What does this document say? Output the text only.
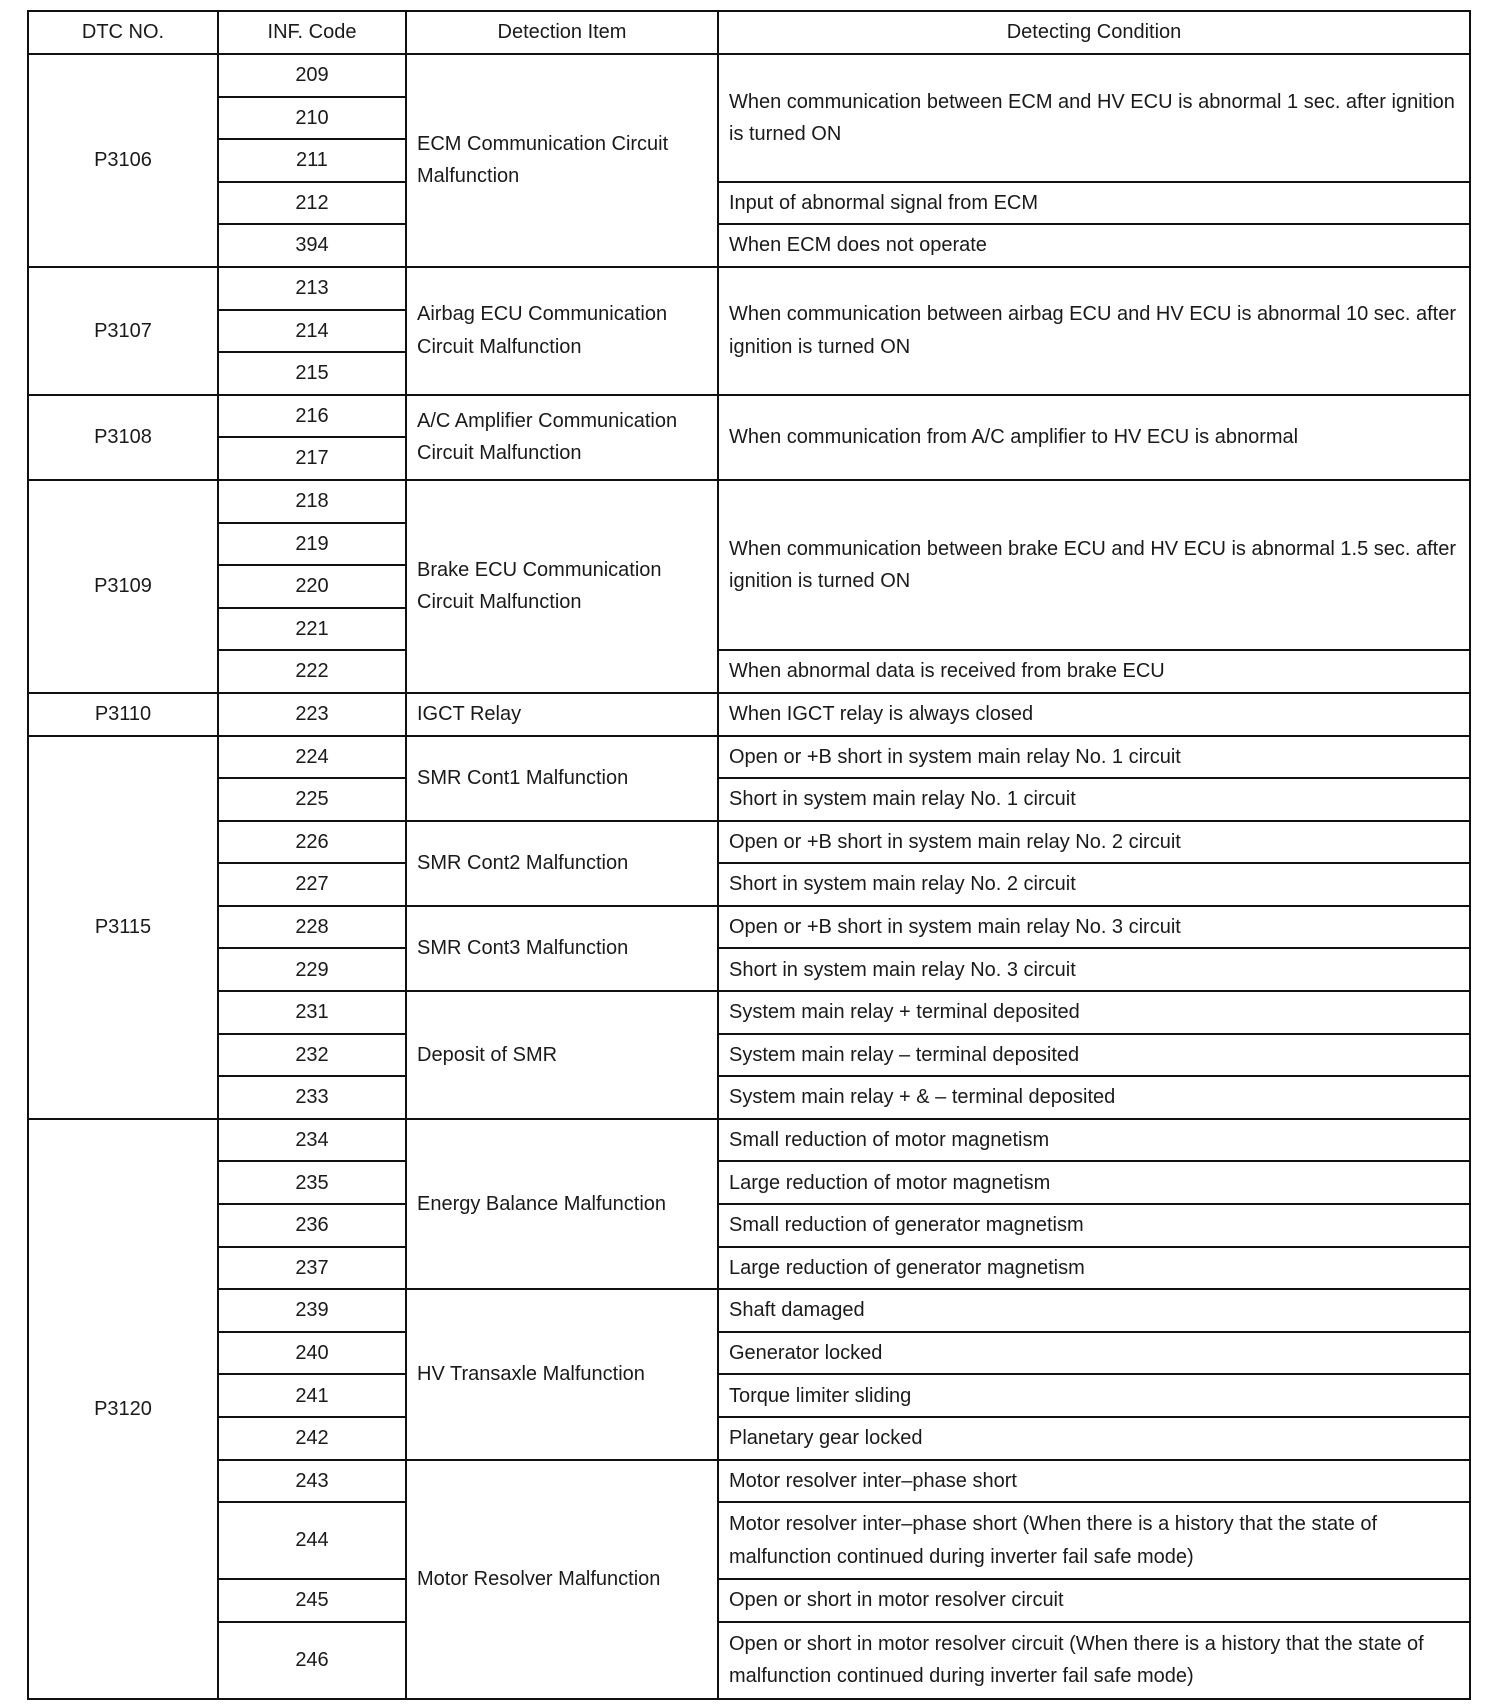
DTC NO.	INF. Code	Detection Item	Detecting Condition
P3106	209	ECM Communication Circuit Malfunction	When communication between ECM and HV ECU is abnormal 1 sec. after ignition is turned ON
	210		
	211		
	212		Input of abnormal signal from ECM
	394		When ECM does not operate
P3107	213	Airbag ECU Communication Circuit Malfunction	When communication between airbag ECU and HV ECU is abnormal 10 sec. after ignition is turned ON
	214		
	215		
P3108	216	A/C Amplifier Communication Circuit Malfunction	When communication from A/C amplifier to HV ECU is abnormal
	217		
P3109	218	Brake ECU Communication Circuit Malfunction	When communication between brake ECU and HV ECU is abnormal 1.5 sec. after ignition is turned ON
	219		
	220		
	221		
	222		When abnormal data is received from brake ECU
P3110	223	IGCT Relay	When IGCT relay is always closed
P3115	224	SMR Cont1 Malfunction	Open or +B short in system main relay No. 1 circuit
	225		Short in system main relay No. 1 circuit
	226	SMR Cont2 Malfunction	Open or +B short in system main relay No. 2 circuit
	227		Short in system main relay No. 2 circuit
	228	SMR Cont3 Malfunction	Open or +B short in system main relay No. 3 circuit
	229		Short in system main relay No. 3 circuit
	231	Deposit of SMR	System main relay + terminal deposited
	232		System main relay – terminal deposited
	233		System main relay + & – terminal deposited
P3120	234	Energy Balance Malfunction	Small reduction of motor magnetism
	235		Large reduction of motor magnetism
	236		Small reduction of generator magnetism
	237		Large reduction of generator magnetism
	239	HV Transaxle Malfunction	Shaft damaged
	240		Generator locked
	241		Torque limiter sliding
	242		Planetary gear locked
	243	Motor Resolver Malfunction	Motor resolver inter–phase short
	244		Motor resolver inter–phase short (When there is a history that the state of malfunction continued during inverter fail safe mode)
	245		Open or short in motor resolver circuit
	246		Open or short in motor resolver circuit (When there is a history that the state of malfunction continued during inverter fail safe mode)
